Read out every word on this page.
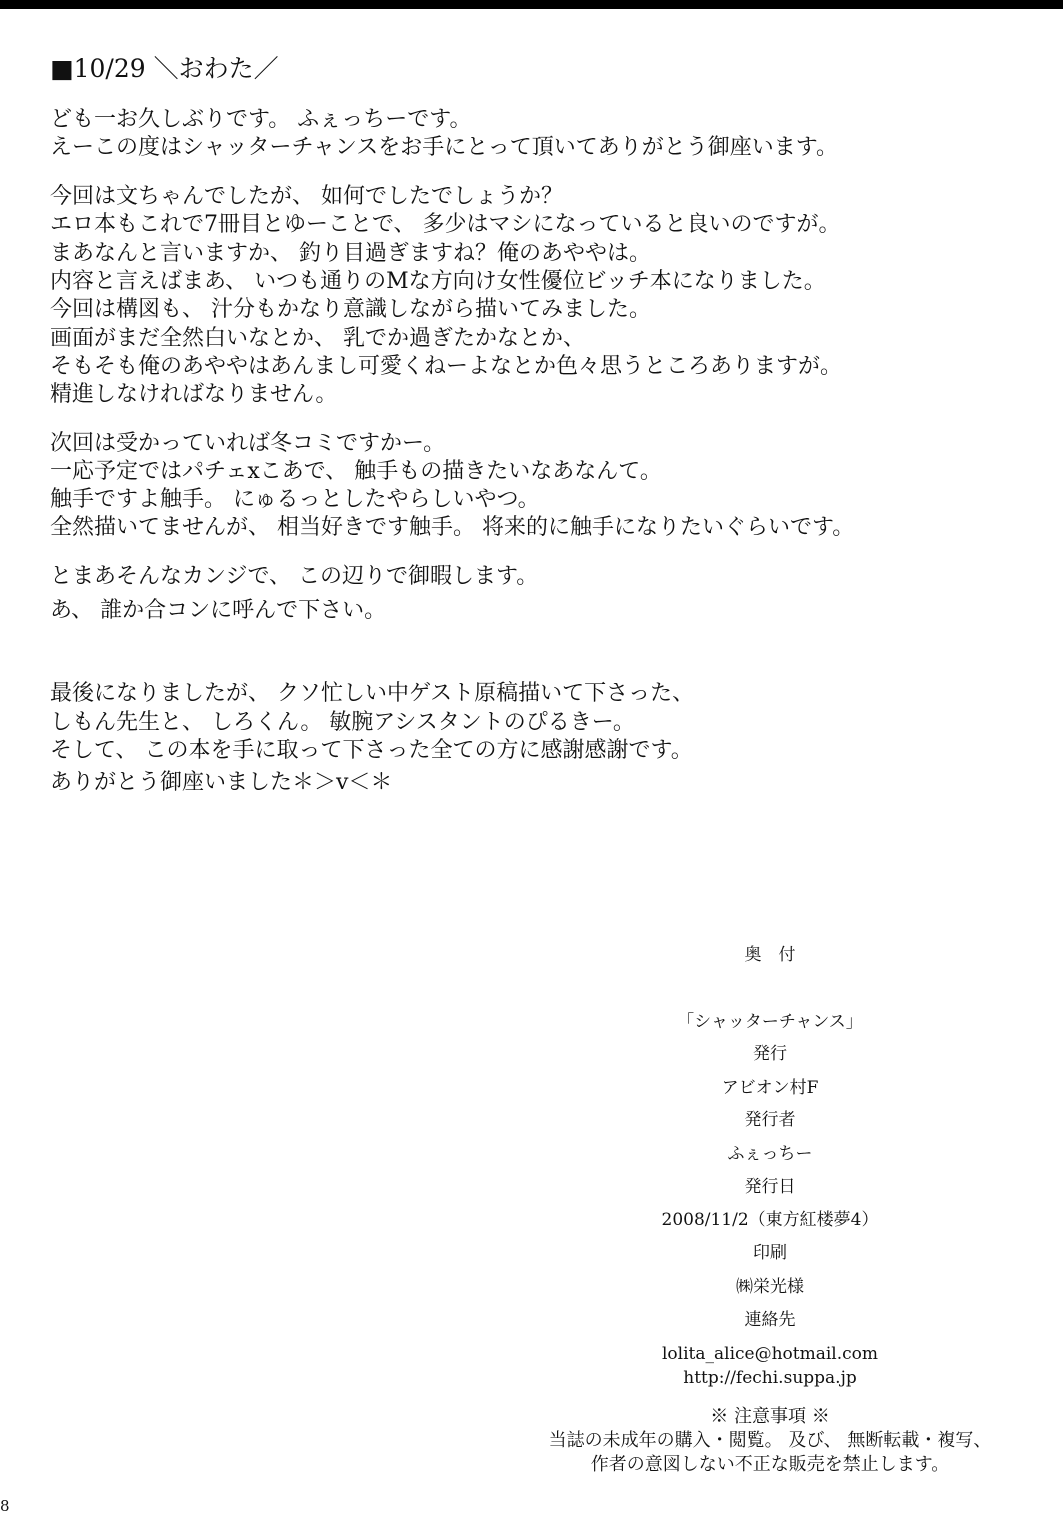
■10/29 ＼おわた／
ども一お久しぶりです。 ふぇっちーです。
えーこの度はシャッターチャンスをお手にとって頂いてありがとう御座います。
今回は文ちゃんでしたが、 如何でしたでしょうか？
エロ本もこれで7冊目とゆーことで、 多少はマシになっていると良いのですが。
まあなんと言いますか、 釣り目過ぎますね？俺のあややは。
内容と言えばまあ、 いつも通りのMな方向け女性優位ビッチ本になりました。
今回は構図も、 汁分もかなり意識しながら描いてみました。
画面がまだ全然白いなとか、 乳でか過ぎたかなとか、
そもそも俺のあややはあんまし可愛くねーよなとか色々思うところありますが。
精進しなければなりません。
次回は受かっていれば冬コミですかー。
一応予定ではパチェxこあで、 触手もの描きたいなあなんて。
触手ですよ触手。 にゅるっとしたやらしいやつ。
全然描いてませんが、 相当好きです触手。 将来的に触手になりたいぐらいです。
とまあそんなカンジで、 この辺りで御暇します。
あ、 誰か合コンに呼んで下さい。
最後になりましたが、 クソ忙しい中ゲスト原稿描いて下さった、
しもん先生と、 しろくん。 敏腕アシスタントのぴるきー。
そして、 この本を手に取って下さった全ての方に感謝感謝です。
ありがとう御座いました＊＞v＜＊
奥　付
「シャッターチャンス」
発行
アビオン村F
発行者
ふぇっちー
発行日
2008/11/2（東方紅楼夢4）
印刷
㈱栄光様
連絡先
lolita_alice@hotmail.com
http://fechi.suppa.jp
※ 注意事項 ※
当誌の未成年の購入・閲覧。 及び、 無断転載・複写、
作者の意図しない不正な販売を禁止します。
8
